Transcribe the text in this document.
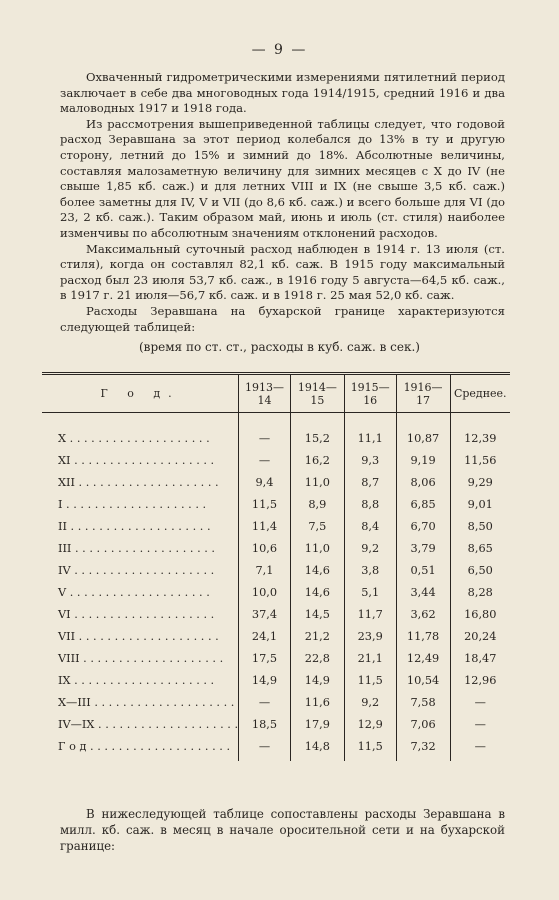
— 9 —

Охваченный гидрометрическими измерениями пятилетний период заключает в себе два многоводных года 1914/1915, средний 1916 и два маловодных 1917 и 1918 года.

Из рассмотрения вышеприведенной таблицы следует, что годовой расход Зеравшана за этот период колебался до 13% в ту и другую сторону, летний до 15% и зимний до 18%. Абсолютные величины, составляя малозаметную величину для зимних месяцев с X до IV (не свыше 1,85 кб. саж.) и для летних VIII и IX (не свыше 3,5 кб. саж.) более заметны для IV, V и VII (до 8,6 кб. саж.) и всего больше для VI (до 23, 2 кб. саж.). Таким образом май, июнь и июль (ст. стиля) наиболее изменчивы по абсолютным значениям отклонений расходов.

Максимальный суточный расход наблюден в 1914 г. 13 июля (ст. стиля), когда он составлял 82,1 кб. саж. В 1915 году максимальный расход был 23 июля 53,7 кб. саж., в 1916 году 5 августа—64,5 кб. саж., в 1917 г. 21 июля—56,7 кб. саж. и в 1918 г. 25 мая 52,0 кб. саж.

Расходы Зеравшана на бухарской границе характеризуются следующей таблицей:

(время по ст. ст., расходы в куб. саж. в сек.)
Г о д.	1913—14	1914—15	1915—16	1916—17	Среднее.
X . . . . . . . . . . . . . . . . . . . .	—	15,2	11,1	10,87	12,39
XI . . . . . . . . . . . . . . . . . . . .	—	16,2	9,3	9,19	11,56
XII . . . . . . . . . . . . . . . . . . . .	9,4	11,0	8,7	8,06	9,29
I . . . . . . . . . . . . . . . . . . . .	11,5	8,9	8,8	6,85	9,01
II . . . . . . . . . . . . . . . . . . . .	11,4	7,5	8,4	6,70	8,50
III . . . . . . . . . . . . . . . . . . . .	10,6	11,0	9,2	3,79	8,65
IV . . . . . . . . . . . . . . . . . . . .	7,1	14,6	3,8	0,51	6,50
V . . . . . . . . . . . . . . . . . . . .	10,0	14,6	5,1	3,44	8,28
VI . . . . . . . . . . . . . . . . . . . .	37,4	14,5	11,7	3,62	16,80
VII . . . . . . . . . . . . . . . . . . . .	24,1	21,2	23,9	11,78	20,24
VIII . . . . . . . . . . . . . . . . . . . .	17,5	22,8	21,1	12,49	18,47
IX . . . . . . . . . . . . . . . . . . . .	14,9	14,9	11,5	10,54	12,96
X—III . . . . . . . . . . . . . . . . . . . .	—	11,6	9,2	7,58	—
IV—IX . . . . . . . . . . . . . . . . . . . .	18,5	17,9	12,9	7,06	—
Г о д . . . . . . . . . . . . . . . . . . . .	—	14,8	11,5	7,32	—

В нижеследующей таблице сопоставлены расходы Зеравшана в милл. кб. саж. в месяц в начале оросительной сети и на бухарской границе:
